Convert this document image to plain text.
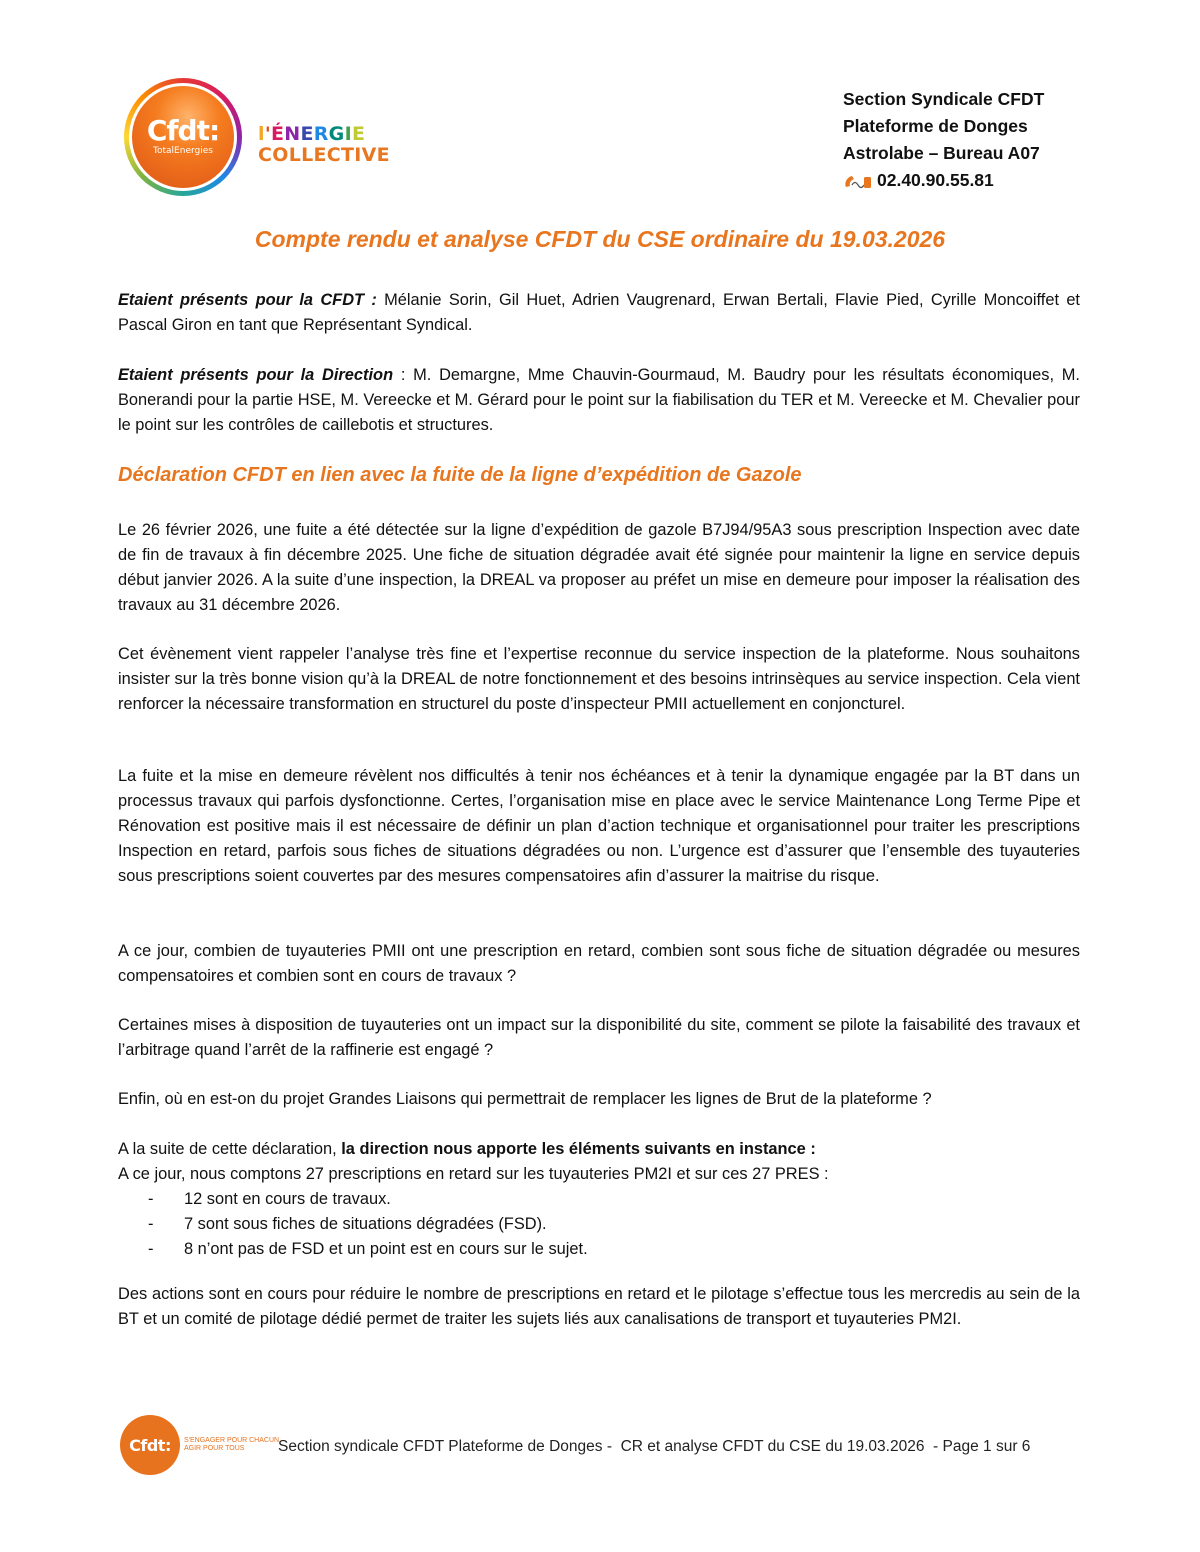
Cfdt:
TotalEnergies
l'ÉNERGIE
COLLECTIVE
Section Syndicale CFDT
Plateforme de Donges
Astrolabe – Bureau A07
02.40.90.55.81
Compte rendu et analyse CFDT du CSE ordinaire du 19.03.2026
Etaient présents pour la CFDT : Mélanie Sorin, Gil Huet, Adrien Vaugrenard, Erwan Bertali, Flavie Pied, Cyrille Moncoiffet et Pascal Giron en tant que Représentant Syndical.
Etaient présents pour la Direction : M. Demargne, Mme Chauvin-Gourmaud, M. Baudry pour les résultats économiques, M. Bonerandi pour la partie HSE, M. Vereecke et M. Gérard pour le point sur la fiabilisation du TER et M. Vereecke et M. Chevalier pour le point sur les contrôles de caillebotis et structures.
Déclaration CFDT en lien avec la fuite de la ligne d’expédition de Gazole
Le 26 février 2026, une fuite a été détectée sur la ligne d’expédition de gazole B7J94/95A3 sous prescription Inspection avec date de fin de travaux à fin décembre 2025. Une fiche de situation dégradée avait été signée pour maintenir la ligne en service depuis début janvier 2026. A la suite d’une inspection, la DREAL va proposer au préfet un mise en demeure pour imposer la réalisation des travaux au 31 décembre 2026.
Cet évènement vient rappeler l’analyse très fine et l’expertise reconnue du service inspection de la plateforme. Nous souhaitons insister sur la très bonne vision qu’à la DREAL de notre fonctionnement et des besoins intrinsèques au service inspection. Cela vient renforcer la nécessaire transformation en structurel du poste d’inspecteur PMII actuellement en conjoncturel.
La fuite et la mise en demeure révèlent nos difficultés à tenir nos échéances et à tenir la dynamique engagée par la BT dans un processus travaux qui parfois dysfonctionne. Certes, l’organisation mise en place avec le service Maintenance Long Terme Pipe et Rénovation est positive mais il est nécessaire de définir un plan d’action technique et organisationnel pour traiter les prescriptions Inspection en retard, parfois sous fiches de situations dégradées ou non. L’urgence est d’assurer que l’ensemble des tuyauteries sous prescriptions soient couvertes par des mesures compensatoires afin d’assurer la maitrise du risque.
A ce jour, combien de tuyauteries PMII ont une prescription en retard, combien sont sous fiche de situation dégradée ou mesures compensatoires et combien sont en cours de travaux ?
Certaines mises à disposition de tuyauteries ont un impact sur la disponibilité du site, comment se pilote la faisabilité des travaux et l’arbitrage quand l’arrêt de la raffinerie est engagé ?
Enfin, où en est-on du projet Grandes Liaisons qui permettrait de remplacer les lignes de Brut de la plateforme ?
A la suite de cette déclaration, la direction nous apporte les éléments suivants en instance :
A ce jour, nous comptons 27 prescriptions en retard sur les tuyauteries PM2I et sur ces 27 PRES :
- 12 sont en cours de travaux.
- 7 sont sous fiches de situations dégradées (FSD).
- 8 n’ont pas de FSD et un point est en cours sur le sujet.
Des actions sont en cours pour réduire le nombre de prescriptions en retard et le pilotage s’effectue tous les mercredis au sein de la BT et un comité de pilotage dédié permet de traiter les sujets liés aux canalisations de transport et tuyauteries PM2I.
Cfdt:	S'ENGAGER POUR CHACUN
AGIR POUR TOUS	Section syndicale CFDT Plateforme de Donges -  CR et analyse CFDT du CSE du 19.03.2026  - Page 1 sur 6
